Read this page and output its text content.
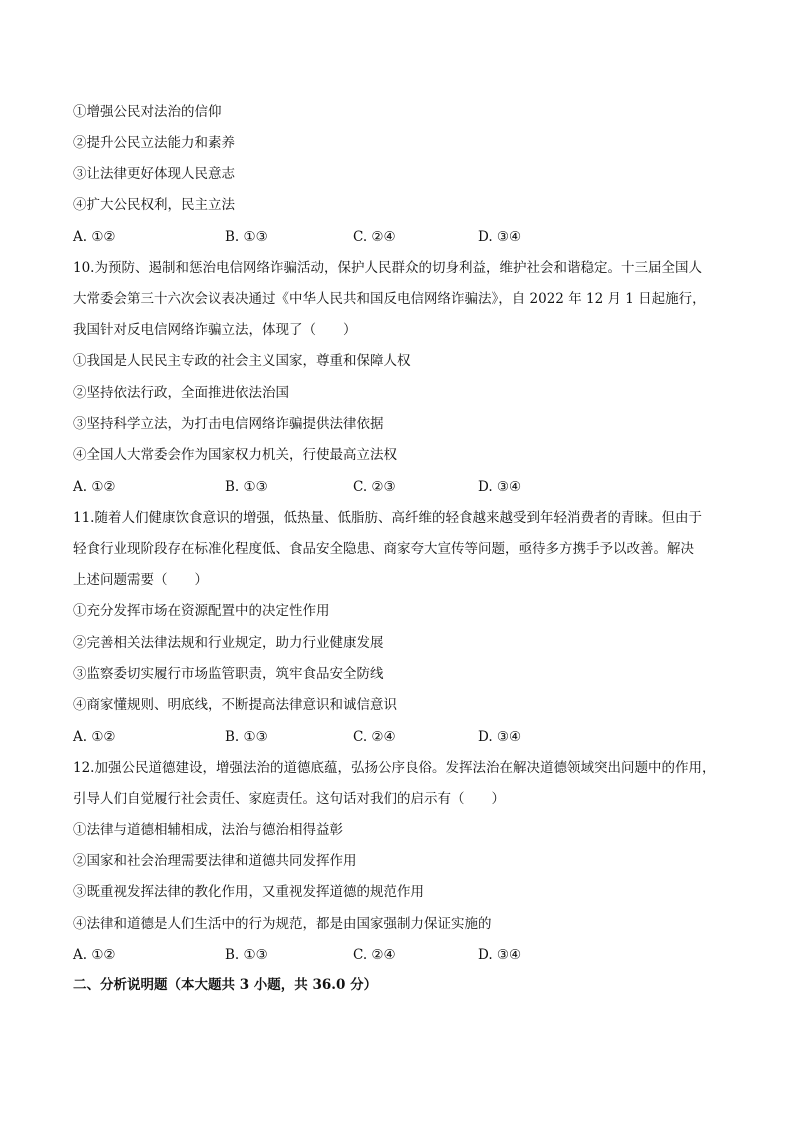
①增强公民对法治的信仰
②提升公民立法能力和素养
③让法律更好体现人民意志
④扩大公民权利，民主立法
A. ①②	B. ①③	C. ②④	D. ③④
10.为预防、遏制和惩治电信网络诈骗活动，保护人民群众的切身利益，维护社会和谐稳定。十三届全国人
大常委会第三十六次会议表决通过《中华人民共和国反电信网络诈骗法》，自 2022 年 12 月 1 日起施行，
我国针对反电信网络诈骗立法，体现了（　　）
①我国是人民民主专政的社会主义国家，尊重和保障人权
②坚持依法行政，全面推进依法治国
③坚持科学立法，为打击电信网络诈骗提供法律依据
④全国人大常委会作为国家权力机关，行使最高立法权
A. ①②	B. ①③	C. ②③	D. ③④
11.随着人们健康饮食意识的增强，低热量、低脂肪、高纤维的轻食越来越受到年轻消费者的青睐。但由于
轻食行业现阶段存在标准化程度低、食品安全隐患、商家夸大宣传等问题，亟待多方携手予以改善。解决
上述问题需要（　　）
①充分发挥市场在资源配置中的决定性作用
②完善相关法律法规和行业规定，助力行业健康发展
③监察委切实履行市场监管职责，筑牢食品安全防线
④商家懂规则、明底线，不断提高法律意识和诚信意识
A. ①②	B. ①③	C. ②④	D. ③④
12.加强公民道德建设，增强法治的道德底蕴，弘扬公序良俗。发挥法治在解决道德领域突出问题中的作用，
引导人们自觉履行社会责任、家庭责任。这句话对我们的启示有（　　）
①法律与道德相辅相成，法治与德治相得益彰
②国家和社会治理需要法律和道德共同发挥作用
③既重视发挥法律的教化作用，又重视发挥道德的规范作用
④法律和道德是人们生活中的行为规范，都是由国家强制力保证实施的
A. ①②	B. ①③	C. ②④	D. ③④
二、分析说明题（本大题共 3 小题，共 36.0 分）
